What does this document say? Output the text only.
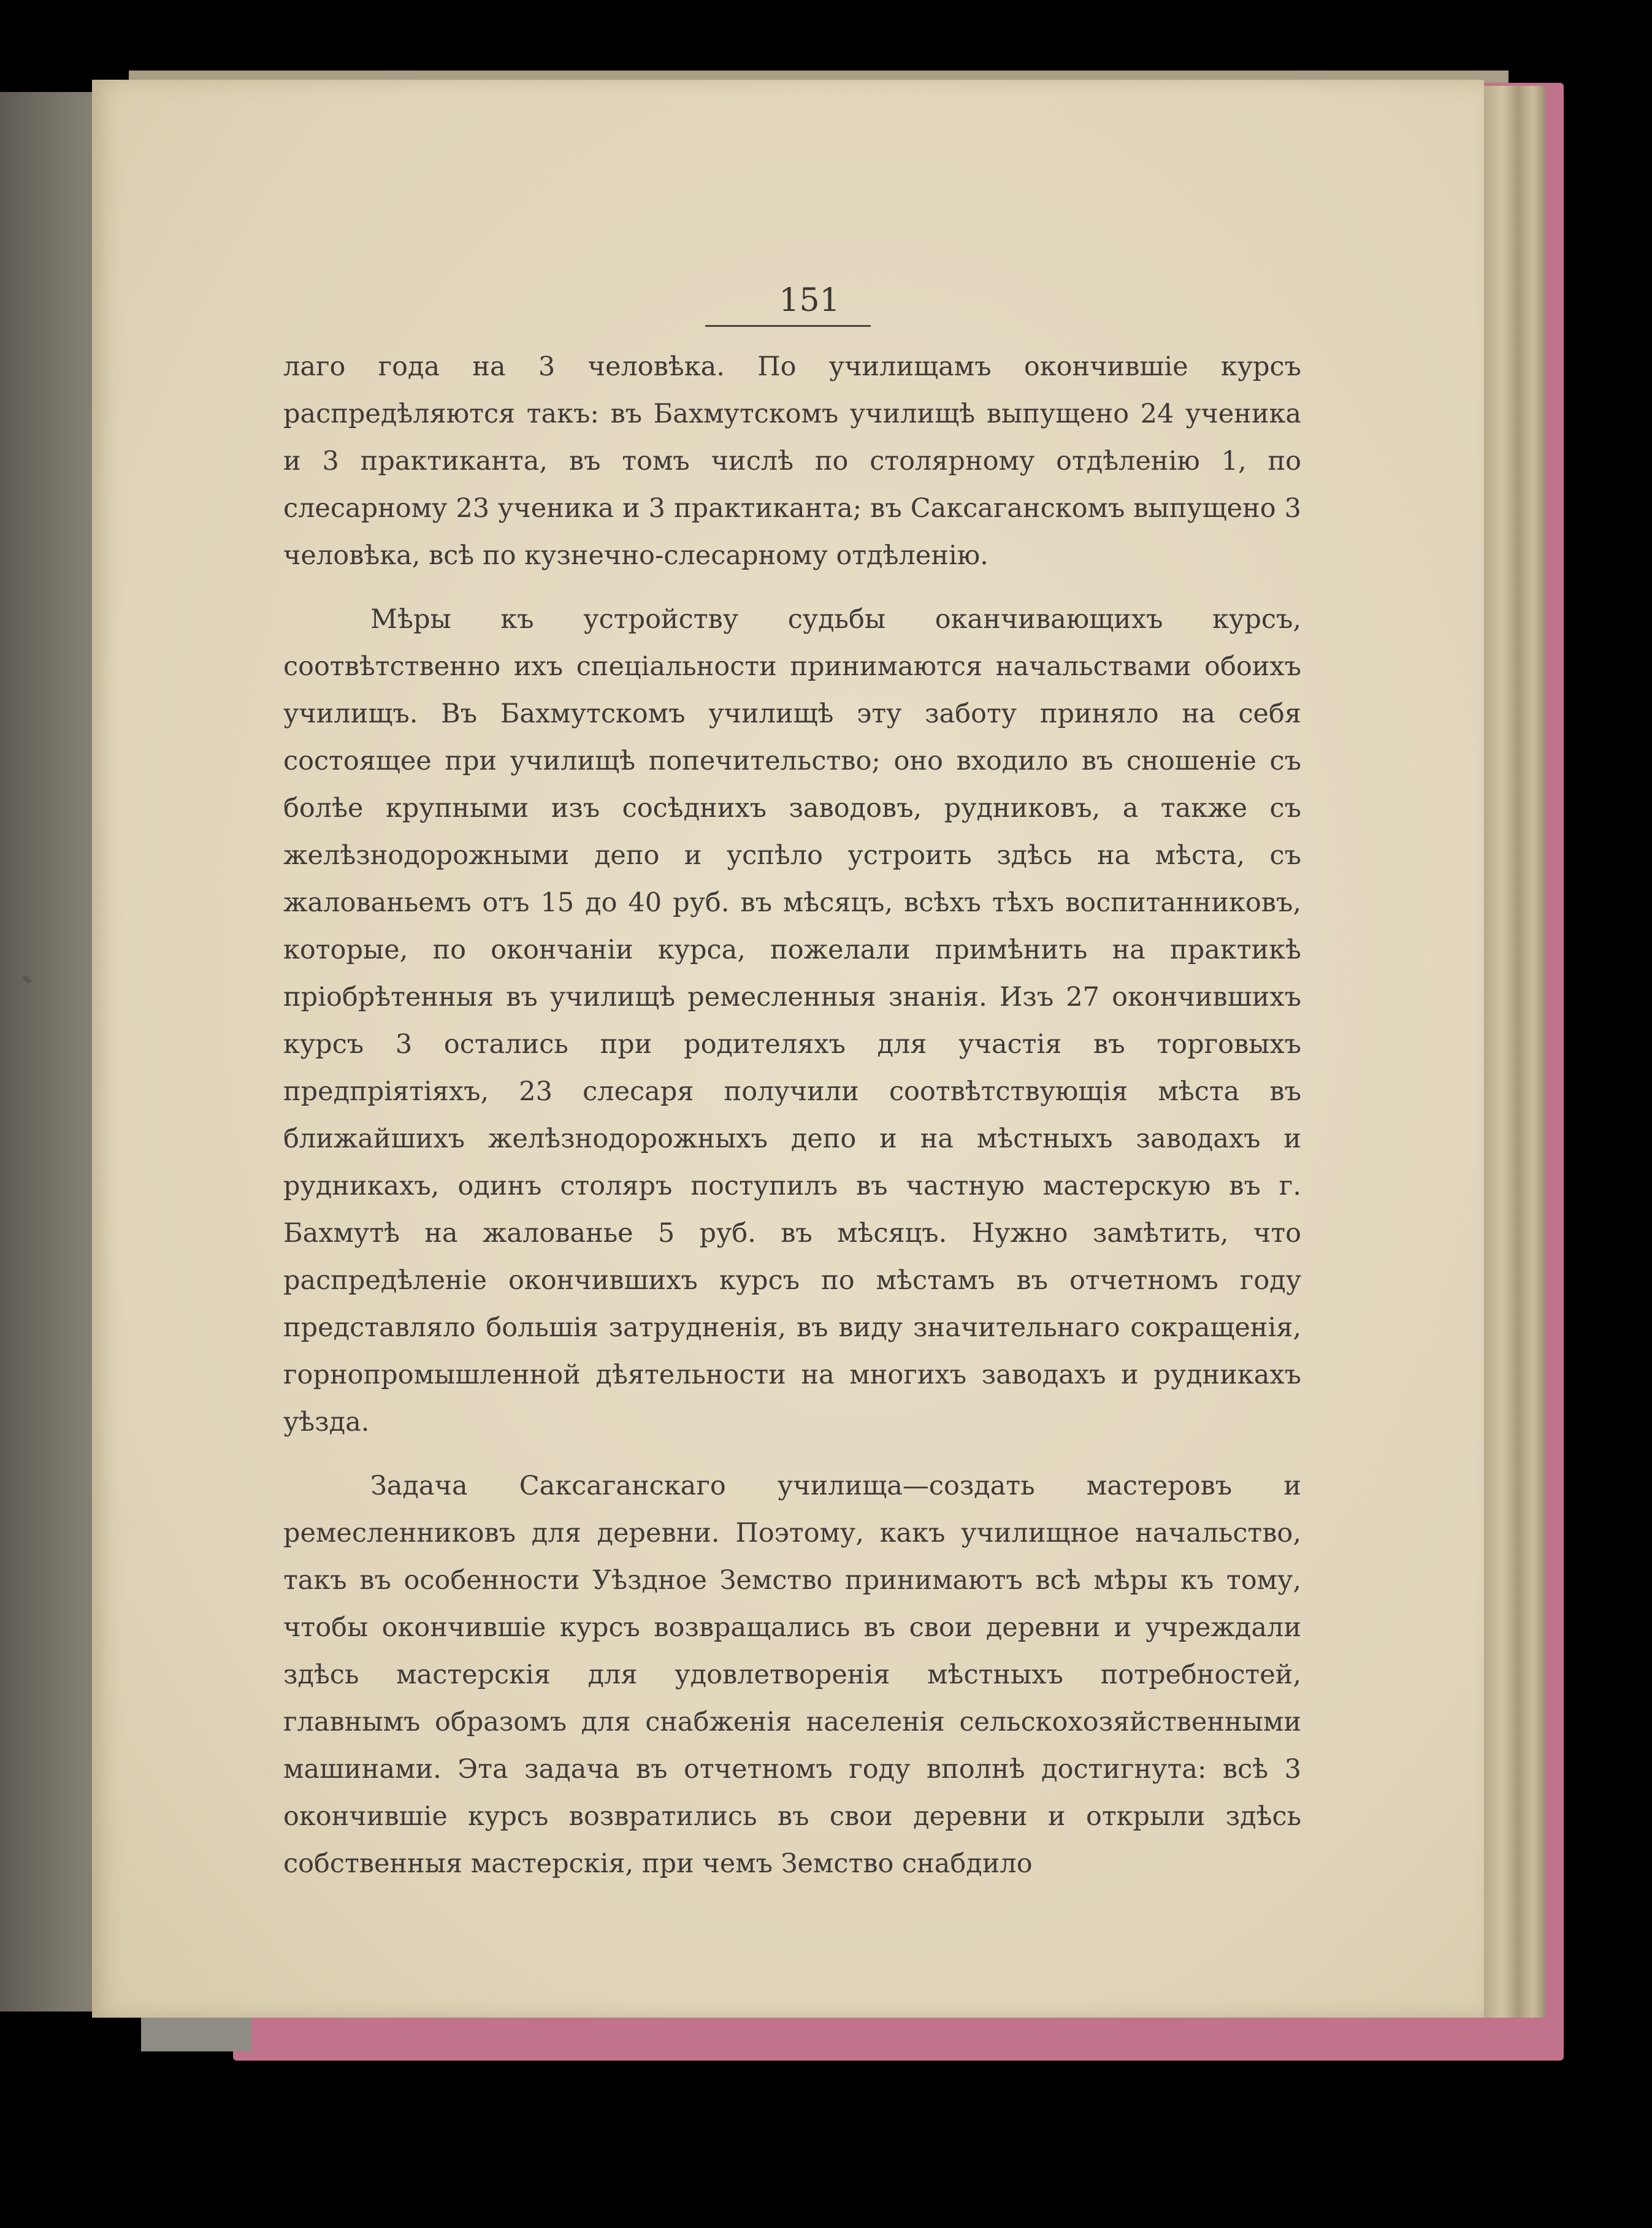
151

лаго года на 3 человѣка. По училищамъ окончившіе курсъ распредѣляются такъ: въ Бахмутскомъ училищѣ выпущено 24 ученика и 3 практиканта, въ томъ числѣ по столярному отдѣленію 1, по слесарному 23 ученика и 3 практиканта; въ Саксаганскомъ выпущено 3 человѣка, всѣ по кузнечно-слесарному отдѣленію.

Мѣры къ устройству судьбы оканчивающихъ курсъ, соотвѣтственно ихъ спеціальности принимаются начальствами обоихъ училищъ. Въ Бахмутскомъ училищѣ эту заботу приняло на себя состоящее при училищѣ попечительство; оно входило въ сношеніе съ болѣе крупными изъ сосѣднихъ заводовъ, рудниковъ, а также съ желѣзнодорожными депо и успѣло устроить здѣсь на мѣста, съ жалованьемъ отъ 15 до 40 руб. въ мѣсяцъ, всѣхъ тѣхъ воспитанниковъ, которые, по окончаніи курса, пожелали примѣнить на практикѣ пріобрѣтенныя въ училищѣ ремесленныя знанія. Изъ 27 окончившихъ курсъ 3 остались при родителяхъ для участія въ торговыхъ предпріятіяхъ, 23 слесаря получили соотвѣтствующія мѣста въ ближайшихъ желѣзнодорожныхъ депо и на мѣстныхъ заводахъ и рудникахъ, одинъ столяръ поступилъ въ частную мастерскую въ г. Бахмутѣ на жалованье 5 руб. въ мѣсяцъ. Нужно замѣтить, что распредѣленіе окончившихъ курсъ по мѣстамъ въ отчетномъ году представляло большія затрудненія, въ виду значительнаго сокращенія, горнопромышленной дѣятельности на многихъ заводахъ и рудникахъ уѣзда.

Задача Саксаганскаго училища—создать мастеровъ и ремесленниковъ для деревни. Поэтому, какъ училищное начальство, такъ въ особенности Уѣздное Земство принимаютъ всѣ мѣры къ тому, чтобы окончившіе курсъ возвращались въ свои деревни и учреждали здѣсь мастерскія для удовлетворенія мѣстныхъ потребностей, главнымъ образомъ для снабженія населенія сельскохозяйственными машинами. Эта задача въ отчетномъ году вполнѣ достигнута: всѣ 3 окончившіе курсъ возвратились въ свои деревни и открыли здѣсь собственныя мастерскія, при чемъ Земство снабдило
